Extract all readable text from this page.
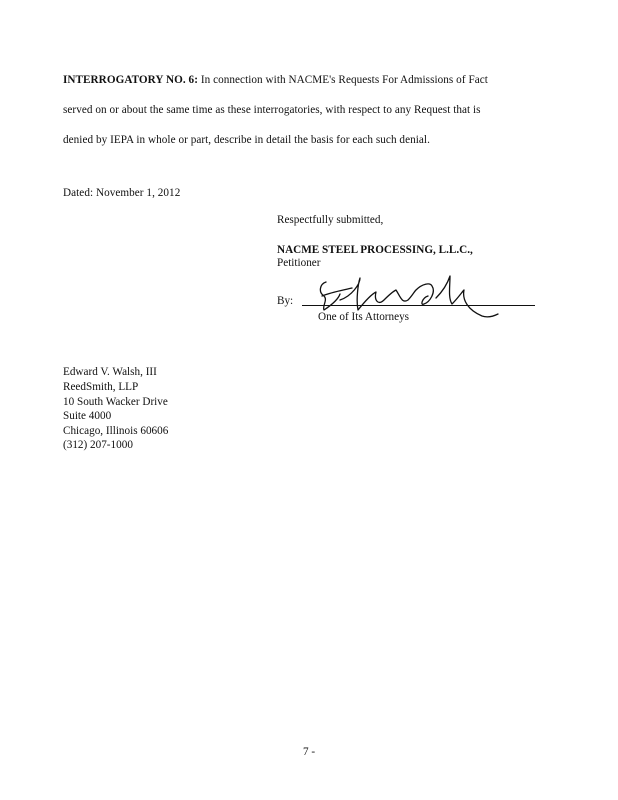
INTERROGATORY NO. 6: In connection with NACME's Requests For Admissions of Fact
served on or about the same time as these interrogatories, with respect to any Request that is
denied by IEPA in whole or part, describe in detail the basis for each such denial.
Dated: November 1, 2012
Respectfully submitted,
NACME STEEL PROCESSING, L.L.C.,
Petitioner
By:
One of Its Attorneys
Edward V. Walsh, III
ReedSmith, LLP
10 South Wacker Drive
Suite 4000
Chicago, Illinois 60606
(312) 207-1000
7 -
